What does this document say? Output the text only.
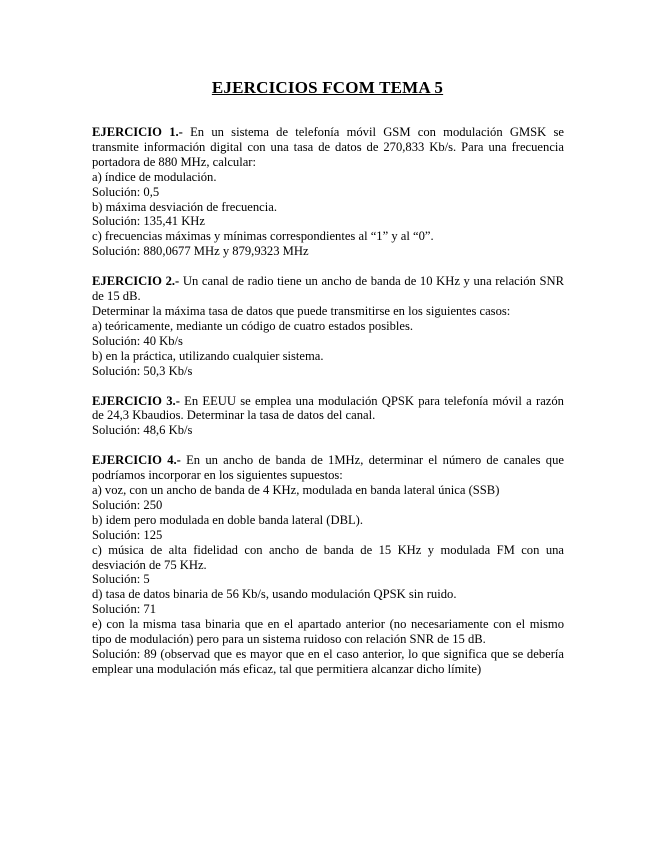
EJERCICIOS FCOM TEMA 5

EJERCICIO 1.- En un sistema de telefonía móvil GSM con modulación GMSK se transmite información digital con una tasa de datos de 270,833 Kb/s. Para una frecuencia portadora de 880 MHz, calcular:

a) índice de modulación.

Solución: 0,5

b) máxima desviación de frecuencia.

Solución: 135,41 KHz

c) frecuencias máximas y mínimas correspondientes al “1” y al “0”.

Solución: 880,0677 MHz y 879,9323 MHz

EJERCICIO 2.- Un canal de radio tiene un ancho de banda de 10 KHz y una relación SNR de 15 dB.

Determinar la máxima tasa de datos que puede transmitirse en los siguientes casos:

a) teóricamente, mediante un código de cuatro estados posibles.

Solución: 40 Kb/s

b) en la práctica, utilizando cualquier sistema.

Solución: 50,3 Kb/s

EJERCICIO 3.- En EEUU se emplea una modulación QPSK para telefonía móvil a razón de 24,3 Kbaudios. Determinar la tasa de datos del canal.

Solución: 48,6 Kb/s

EJERCICIO 4.- En un ancho de banda de 1MHz, determinar el número de canales que podríamos incorporar en los siguientes supuestos:

a) voz, con un ancho de banda de 4 KHz, modulada en banda lateral única (SSB)

Solución: 250

b) idem pero modulada en doble banda lateral (DBL).

Solución: 125

c) música de alta fidelidad con ancho de banda de 15 KHz y modulada FM con una desviación de 75 KHz.

Solución: 5

d) tasa de datos binaria de 56 Kb/s, usando modulación QPSK sin ruido.

Solución: 71

e) con la misma tasa binaria que en el apartado anterior (no necesariamente con el mismo tipo de modulación) pero para un sistema ruidoso con relación SNR de 15 dB.

Solución: 89 (observad que es mayor que en el caso anterior, lo que significa que se debería emplear una modulación más eficaz, tal que permitiera alcanzar dicho límite)
